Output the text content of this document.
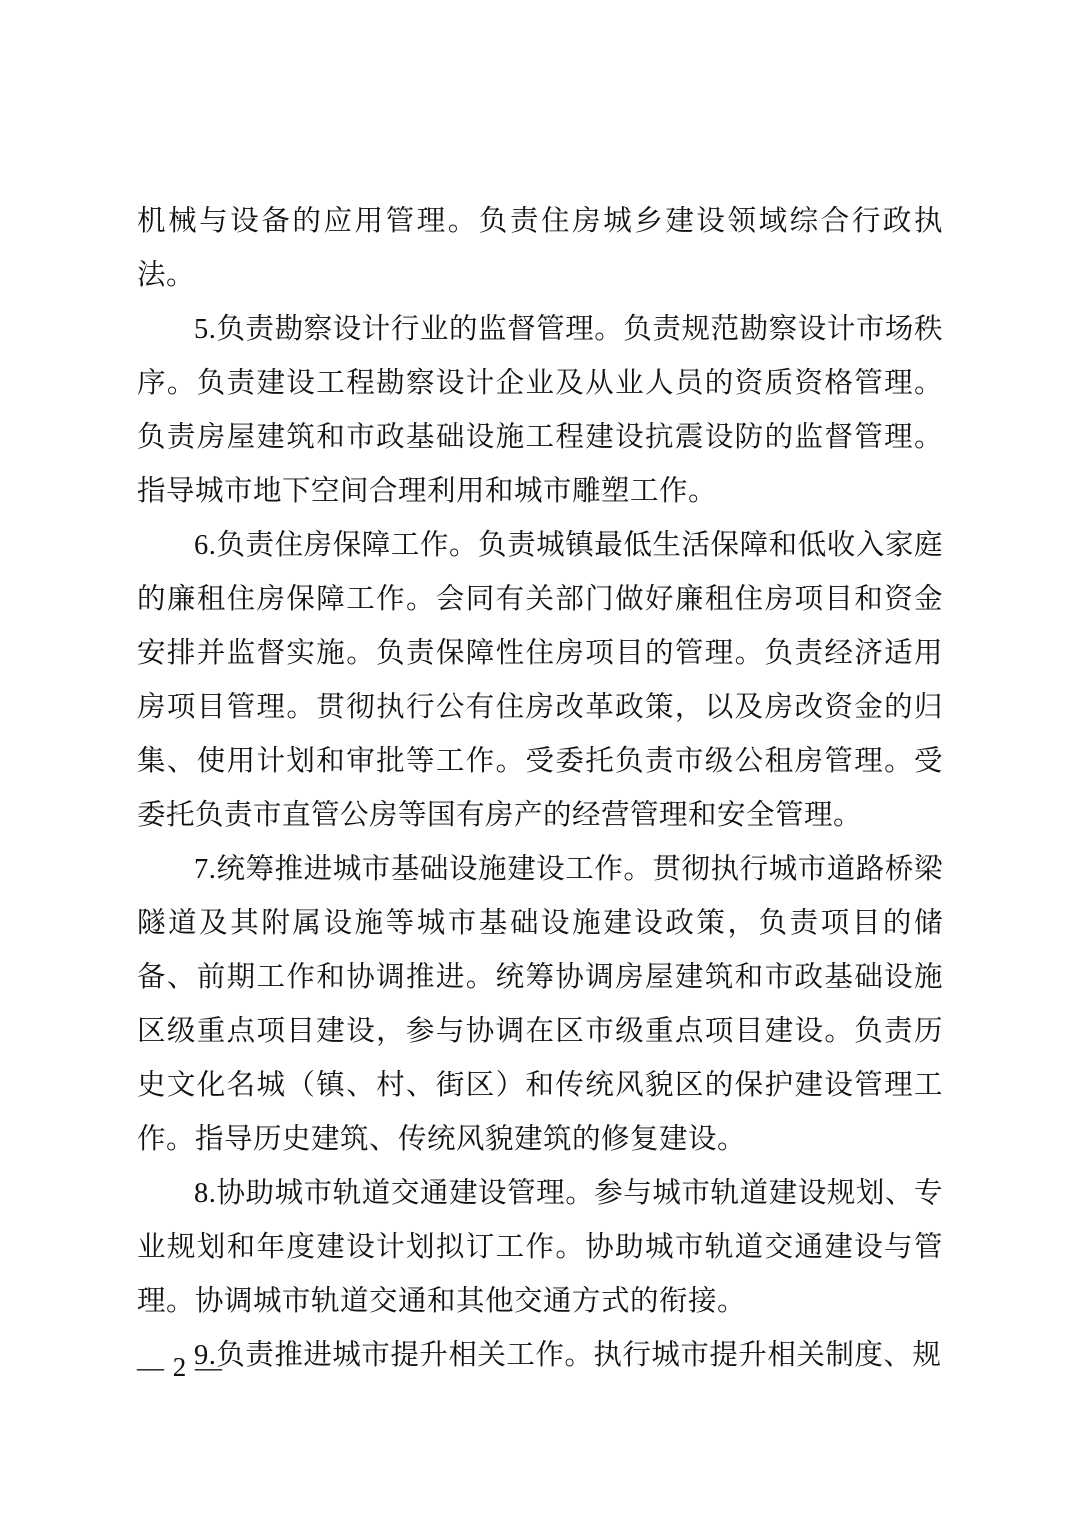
机械与设备的应用管理。负责住房城乡建设领域综合行政执法。

5.负责勘察设计行业的监督管理。负责规范勘察设计市场秩序。负责建设工程勘察设计企业及从业人员的资质资格管理。负责房屋建筑和市政基础设施工程建设抗震设防的监督管理。指导城市地下空间合理利用和城市雕塑工作。

6.负责住房保障工作。负责城镇最低生活保障和低收入家庭的廉租住房保障工作。会同有关部门做好廉租住房项目和资金安排并监督实施。负责保障性住房项目的管理。负责经济适用房项目管理。贯彻执行公有住房改革政策，以及房改资金的归集、使用计划和审批等工作。受委托负责市级公租房管理。受委托负责市直管公房等国有房产的经营管理和安全管理。

7.统筹推进城市基础设施建设工作。贯彻执行城市道路桥梁隧道及其附属设施等城市基础设施建设政策，负责项目的储备、前期工作和协调推进。统筹协调房屋建筑和市政基础设施区级重点项目建设，参与协调在区市级重点项目建设。负责历史文化名城（镇、村、街区）和传统风貌区的保护建设管理工作。指导历史建筑、传统风貌建筑的修复建设。

8.协助城市轨道交通建设管理。参与城市轨道建设规划、专业规划和年度建设计划拟订工作。协助城市轨道交通建设与管理。协调城市轨道交通和其他交通方式的衔接。

9.负责推进城市提升相关工作。执行城市提升相关制度、规

— 2 —
